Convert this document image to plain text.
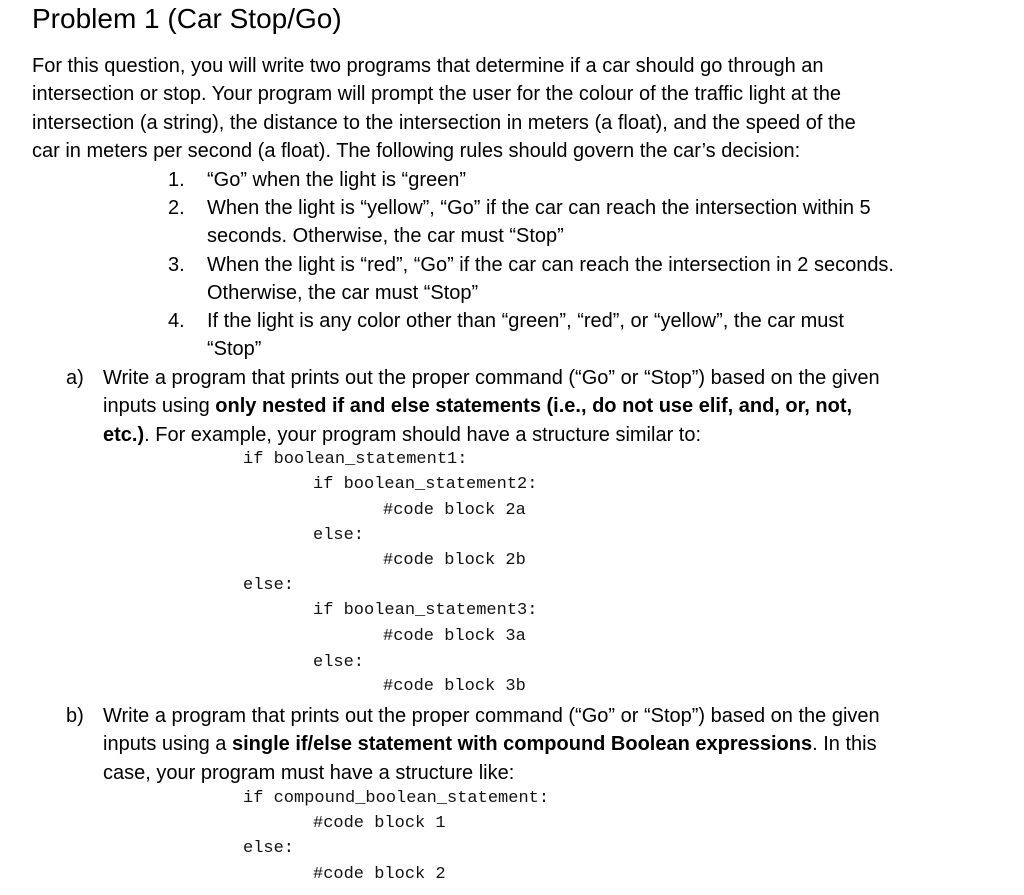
Problem 1 (Car Stop/Go)
For this question, you will write two programs that determine if a car should go through an
intersection or stop. Your program will prompt the user for the colour of the traffic light at the
intersection (a string), the distance to the intersection in meters (a float), and the speed of the
car in meters per second (a float). The following rules should govern the car’s decision:
1. “Go” when the light is “green”
2. When the light is “yellow”, “Go” if the car can reach the intersection within 5
seconds. Otherwise, the car must “Stop”
3. When the light is “red”, “Go” if the car can reach the intersection in 2 seconds.
Otherwise, the car must “Stop”
4. If the light is any color other than “green”, “red”, or “yellow”, the car must
“Stop”
a) Write a program that prints out the proper command (“Go” or “Stop”) based on the given
inputs using only nested if and else statements (i.e., do not use elif, and, or, not,
etc.). For example, your program should have a structure similar to:
if boolean_statement1:
if boolean_statement2:
#code block 2a
else:
#code block 2b
else:
if boolean_statement3:
#code block 3a
else:
#code block 3b
b) Write a program that prints out the proper command (“Go” or “Stop”) based on the given
inputs using a single if/else statement with compound Boolean expressions. In this
case, your program must have a structure like:
if compound_boolean_statement:
#code block 1
else:
#code block 2
